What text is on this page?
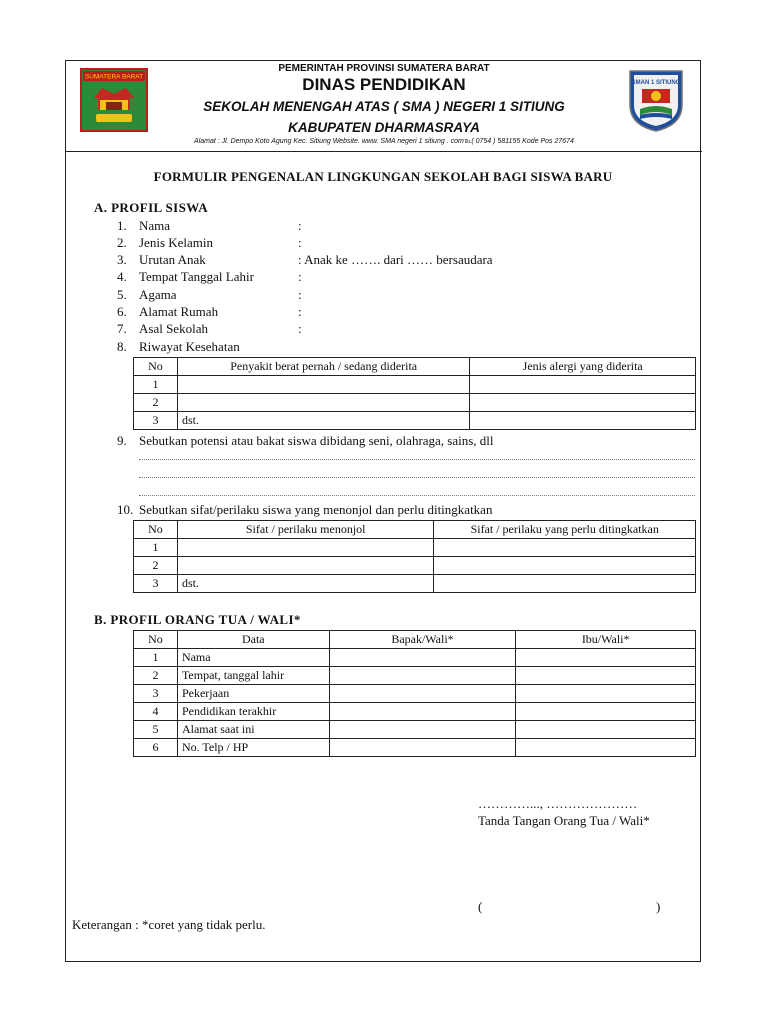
SUMATERA BARAT
PEMERINTAH PROVINSI SUMATERA BARAT
DINAS PENDIDIKAN
SEKOLAH MENENGAH ATAS ( SMA ) NEGERI 1 SITIUNG
KABUPATEN DHARMASRAYA
Alamat : Jl. Dempo Koto Agung Kec. Sitiung Website. www. SMA negeri 1 sitiung . com℡( 0754 ) 581155 Kode Pos 27674
SMAN 1 SITIUNG
FORMULIR PENGENALAN LINGKUNGAN SEKOLAH BAGI SISWA BARU
A. PROFIL SISWA
1. Nama	:
2. Jenis Kelamin	:
3. Urutan Anak	: Anak ke ……. dari …… bersaudara
4. Tempat Tanggal Lahir	:
5. Agama	:
6. Alamat Rumah	:
7. Asal Sekolah	:
8. Riwayat Kesehatan
No	Penyakit berat pernah / sedang diderita	Jenis alergi yang diderita
1		
2		
3	dst.	
9. Sebutkan potensi atau bakat siswa dibidang seni, olahraga, sains, dll
10. Sebutkan sifat/perilaku siswa yang menonjol dan perlu ditingkatkan
No	Sifat / perilaku menonjol	Sifat / perilaku yang perlu ditingkatkan
1		
2		
3	dst.	
B. PROFIL ORANG TUA / WALI*
No	Data	Bapak/Wali*	Ibu/Wali*
1	Nama		
2	Tempat, tanggal lahir		
3	Pekerjaan		
4	Pendidikan terakhir		
5	Alamat saat ini		
6	No. Telp / HP		
…………..., …………………
Tanda Tangan Orang Tua / Wali*
(	)
Keterangan : *coret yang tidak perlu.
